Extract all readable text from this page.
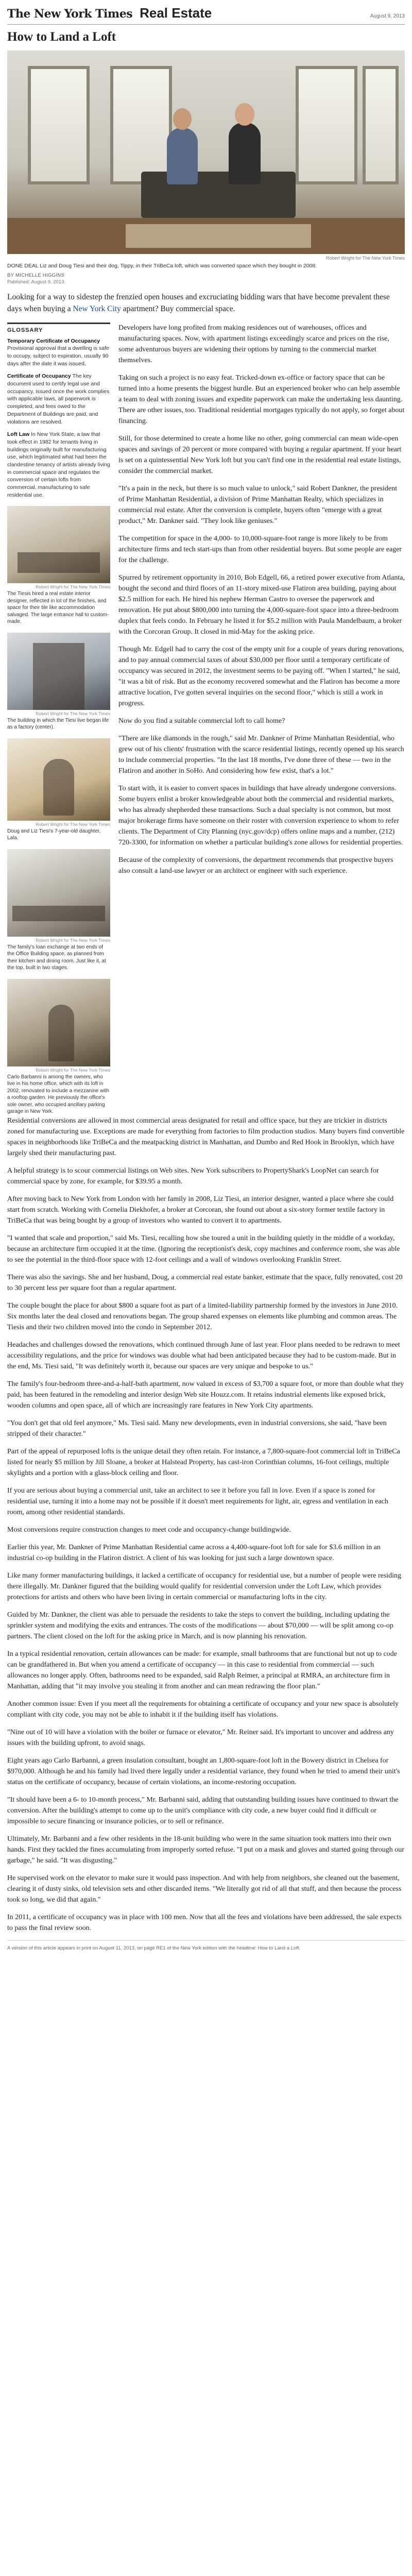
The New York Times Real Estate	August 9, 2013
How to Land a Loft
Robert Wright for The New York Times
DONE DEAL Liz and Doug Tiesi and their dog, Tippy, in their TriBeCa loft, which was converted space which they bought in 2008.
BY MICHELLE HIGGINS
Published: August 9, 2013

Looking for a way to sidestep the frenzied open houses and excruciating bidding wars that have become prevalent these days when buying a New York City apartment? Buy commercial space.

GLOSSARY
Temporary Certificate of Occupancy Provisional approval that a dwelling is safe to occupy, subject to expiration, usually 90 days after the date it was issued.
Certificate of Occupancy The key document used to certify legal use and occupancy, issued once the work complies with applicable laws, all paperwork is completed, and fees owed to the Department of Buildings are paid, and violations are resolved.
Loft Law In New York State, a law that took effect in 1982 for tenants living in buildings originally built for manufacturing use, which legitimated what had been the clandestine tenancy of artists already living in commercial space and regulates the conversion of certain lofts from commercial, manufacturing to safe residential use.
Robert Wright for The New York Times
The Tiesis hired a real estate interior designer, reflected in lot of the finishes, and space for their tile like accommodation salvaged. The large entrance hall to custom-made.
Robert Wright for The New York Times
The building in which the Tiesi live began life as a factory (center).
Robert Wright for The New York Times
Doug and Liz Tiesi's 7-year-old daughter, Lala.
Robert Wright for The New York Times
The family's loan exchange at two ends of the Office Building space, as planned from their kitchen and dining room. Just like it, at the top, built in two stages.
Robert Wright for The New York Times
Carlo Barbanni is among the owners, who live in his home office, which with its loft in 2002, renovated to include a mezzanine with a rooftop garden. He previously the office's sole owner, who occupied ancillary parking garage in New York.

Developers have long profited from making residences out of warehouses, offices and manufacturing spaces. Now, with apartment listings exceedingly scarce and prices on the rise, some adventurous buyers are widening their options by turning to the commercial market themselves.

Taking on such a project is no easy feat. Tricked-down ex-office or factory space that can be turned into a home presents the biggest hurdle. But an experienced broker who can help assemble a team to deal with zoning issues and expedite paperwork can make the undertaking less daunting. There are other issues, too. Traditional residential mortgages typically do not apply, so forget about financing.

Still, for those determined to create a home like no other, going commercial can mean wide-open spaces and savings of 20 percent or more compared with buying a regular apartment. If your heart is set on a quintessential New York loft but you can't find one in the residential real estate listings, consider the commercial market.

"It's a pain in the neck, but there is so much value to unlock," said Robert Dankner, the president of Prime Manhattan Residential, a division of Prime Manhattan Realty, which specializes in commercial real estate. After the conversion is complete, buyers often "emerge with a great product," Mr. Dankner said. "They look like geniuses."

The competition for space in the 4,000- to 10,000-square-foot range is more likely to be from architecture firms and tech start-ups than from other residential buyers. But some people are eager for the challenge.

Spurred by retirement opportunity in 2010, Bob Edgell, 66, a retired power executive from Atlanta, bought the second and third floors of an 11-story mixed-use Flatiron area building, paying about $2.5 million for each. He hired his nephew Herman Castro to oversee the paperwork and renovation. He put about $800,000 into turning the 4,000-square-foot space into a three-bedroom duplex that feels condo. In February he listed it for $5.2 million with Paula Mandelbaum, a broker with the Corcoran Group. It closed in mid-May for the asking price.

Though Mr. Edgell had to carry the cost of the empty unit for a couple of years during renovations, and to pay annual commercial taxes of about $30,000 per floor until a temporary certificate of occupancy was secured in 2012, the investment seems to be paying off. "When I started," he said, "it was a bit of risk. But as the economy recovered somewhat and the Flatiron has become a more attractive location, I've gotten several inquiries on the second floor," which is still a work in progress.

Now do you find a suitable commercial loft to call home?

"There are like diamonds in the rough," said Mr. Dankner of Prime Manhattan Residential, who grew out of his clients' frustration with the scarce residential listings, recently opened up his search to include commercial properties. "In the last 18 months, I've done three of these — two in the Flatiron and another in SoHo. And considering how few exist, that's a lot."

To start with, it is easier to convert spaces in buildings that have already undergone conversions. Some buyers enlist a broker knowledgeable about both the commercial and residential markets, who has already shepherded these transactions. Such a dual specialty is not common, but most major brokerage firms have someone on their roster with conversion experience to whom to refer clients. The Department of City Planning (nyc.gov/dcp) offers online maps and a number, (212) 720-3300, for information on whether a particular building's zone allows for residential properties.

Because of the complexity of conversions, the department recommends that prospective buyers also consult a land-use lawyer or an architect or engineer with such experience.

Residential conversions are allowed in most commercial areas designated for retail and office space, but they are trickier in districts zoned for manufacturing use. Exceptions are made for everything from factories to film production studios. Many buyers find convertible spaces in neighborhoods like TriBeCa and the meatpacking district in Manhattan, and Dumbo and Red Hook in Brooklyn, which have largely shed their manufacturing past.

A helpful strategy is to scour commercial listings on Web sites. New York subscribers to PropertyShark's LoopNet can search for commercial space by zone, for example, for $39.95 a month.

After moving back to New York from London with her family in 2008, Liz Tiesi, an interior designer, wanted a place where she could start from scratch. Working with Cornelia Diekhofer, a broker at Corcoran, she found out about a six-story former textile factory in TriBeCa that was being bought by a group of investors who wanted to convert it to apartments.

"I wanted that scale and proportion," said Ms. Tiesi, recalling how she toured a unit in the building quietly in the middle of a workday, because an architecture firm occupied it at the time. (Ignoring the receptionist's desk, copy machines and conference room, she was able to see the potential in the third-floor space with 12-foot ceilings and a wall of windows overlooking Franklin Street.

There was also the savings. She and her husband, Doug, a commercial real estate banker, estimate that the space, fully renovated, cost 20 to 30 percent less per square foot than a regular apartment.

The couple bought the place for about $800 a square foot as part of a limited-liability partnership formed by the investors in June 2010. Six months later the deal closed and renovations began. The group shared expenses on elements like plumbing and common areas. The Tiesis and their two children moved into the condo in September 2012.

Headaches and challenges dowsed the renovations, which continued through June of last year. Floor plans needed to be redrawn to meet accessibility regulations, and the price for windows was double what had been anticipated because they had to be custom-made. But in the end, Ms. Tiesi said, "It was definitely worth it, because our spaces are very unique and bespoke to us."

The family's four-bedroom three-and-a-half-bath apartment, now valued in excess of $3,700 a square foot, or more than double what they paid, has been featured in the remodeling and interior design Web site Houzz.com. It retains industrial elements like exposed brick, wooden columns and open space, all of which are increasingly rare features in New York City apartments.

"You don't get that old feel anymore," Ms. Tiesi said. Many new developments, even in industrial conversions, she said, "have been stripped of their character."

Part of the appeal of repurposed lofts is the unique detail they often retain. For instance, a 7,800-square-foot commercial loft in TriBeCa listed for nearly $5 million by Jill Sloane, a broker at Halstead Property, has cast-iron Corinthian columns, 16-foot ceilings, multiple skylights and a portion with a glass-block ceiling and floor.

If you are serious about buying a commercial unit, take an architect to see it before you fall in love. Even if a space is zoned for residential use, turning it into a home may not be possible if it doesn't meet requirements for light, air, egress and ventilation in each room, among other residential standards.

Most conversions require construction changes to meet code and occupancy-change buildingwide.

Earlier this year, Mr. Dankner of Prime Manhattan Residential came across a 4,400-square-foot loft for sale for $3.6 million in an industrial co-op building in the Flatiron district. A client of his was looking for just such a large downtown space.

Like many former manufacturing buildings, it lacked a certificate of occupancy for residential use, but a number of people were residing there illegally. Mr. Dankner figured that the building would qualify for residential conversion under the Loft Law, which provides protections for artists and others who have been living in certain commercial or manufacturing lofts in the city.

Guided by Mr. Dankner, the client was able to persuade the residents to take the steps to convert the building, including updating the sprinkler system and modifying the exits and entrances. The costs of the modifications — about $70,000 — will be split among co-op partners. The client closed on the loft for the asking price in March, and is now planning his renovation.

In a typical residential renovation, certain allowances can be made: for example, small bathrooms that are functional but not up to code can be grandfathered in. But when you amend a certificate of occupancy — in this case to residential from commercial — such allowances no longer apply. Often, bathrooms need to be expanded, said Ralph Reimer, a principal at RMRA, an architecture firm in Manhattan, adding that "it may involve you stealing it from another and can mean redrawing the floor plan."

Another common issue: Even if you meet all the requirements for obtaining a certificate of occupancy and your new space is absolutely compliant with city code, you may not be able to inhabit it if the building itself has violations.

"Nine out of 10 will have a violation with the boiler or furnace or elevator," Mr. Reiner said. It's important to uncover and address any issues with the building upfront, to avoid snags.

Eight years ago Carlo Barbanni, a green insulation consultant, bought an 1,800-square-foot loft in the Bowery district in Chelsea for $970,000. Although he and his family had lived there legally under a residential variance, they found when he tried to amend their unit's status on the certificate of occupancy, because of certain violations, an income-restoring occupation.

"It should have been a 6- to 10-month process," Mr. Barbanni said, adding that outstanding building issues have continued to thwart the conversion. After the building's attempt to come up to the unit's compliance with city code, a new buyer could find it difficult or impossible to secure financing or insurance policies, or to sell or refinance.

Ultimately, Mr. Barbanni and a few other residents in the 18-unit building who were in the same situation took matters into their own hands. First they tackled the fines accumulating from improperly sorted refuse. "I put on a mask and gloves and started going through our garbage," he said. "It was disgusting."

He supervised work on the elevator to make sure it would pass inspection. And with help from neighbors, she cleaned out the basement, clearing it of dusty sinks, old television sets and other discarded items. "We literally got rid of all that stuff, and then because the process took so long, we did that again."

In 2011, a certificate of occupancy was in place with 100 men. Now that all the fees and violations have been addressed, the sale expects to pass the final review soon.

A version of this article appears in print on August 11, 2013, on page RE1 of the New York edition with the headline: How to Land a Loft.
